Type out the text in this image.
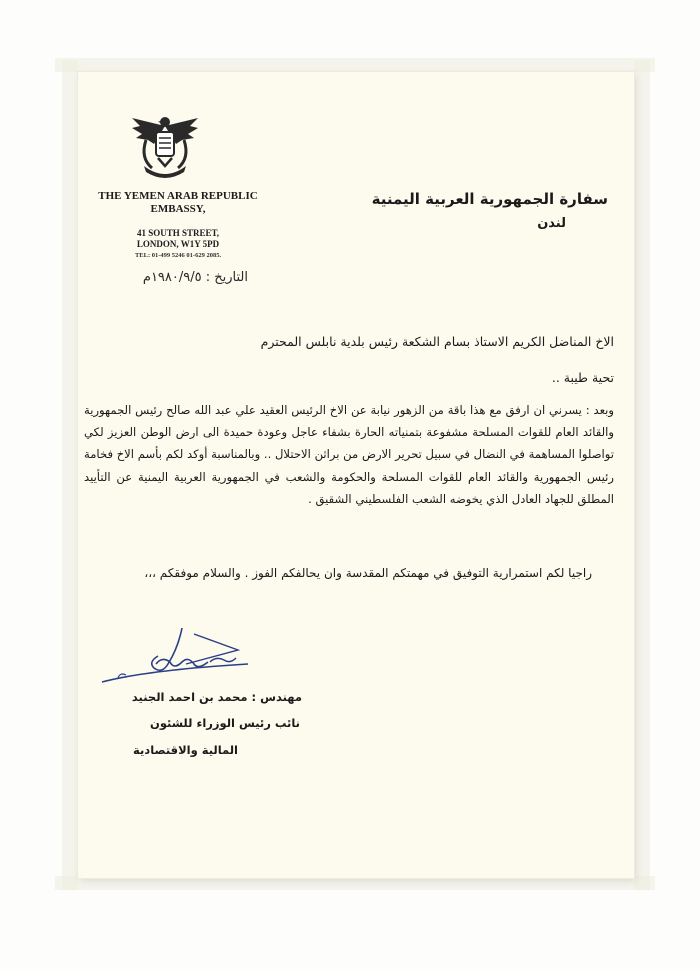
THE YEMEN ARAB REPUBLIC
EMBASSY,
41 SOUTH STREET,
LONDON, W1Y 5PD
TEL: 01-499 5246 01-629 2085.
سفارة الجمهورية العربية اليمنية
لندن
التاريخ : ١٩٨٠/٩/٥م
الاخ المناضل الكريم الاستاذ بسام الشكعة رئيس بلدية نابلس المحترم
تحية طيبة ..
وبعد : يسرني ان ارفق مع هذا باقة من الزهور نيابة عن الاخ الرئيس العقيد علي عبد الله صالح رئيس الجمهورية والقائد العام للقوات المسلحة مشفوعة بتمنياته الحارة بشفاء عاجل وعودة حميدة الى ارض الوطن العزيز لكي تواصلوا المساهمة في النضال في سبيل تحرير الارض من براثن الاحتلال .. وبالمناسبة أوكد لكم بأسم الاخ فخامة رئيس الجمهورية والقائد العام للقوات المسلحة والحكومة والشعب في الجمهورية العربية اليمنية عن التأييد المطلق للجهاد العادل الذي يخوضه الشعب الفلسطيني الشقيق .
راجيا لكم استمرارية التوفيق في مهمتكم المقدسة وان يحالفكم الفوز . والسلام موفقكم ،،،
مهندس : محمد بن احمد الجنيد
نائب رئيس الوزراء للشئون
المالية والاقتصادية
